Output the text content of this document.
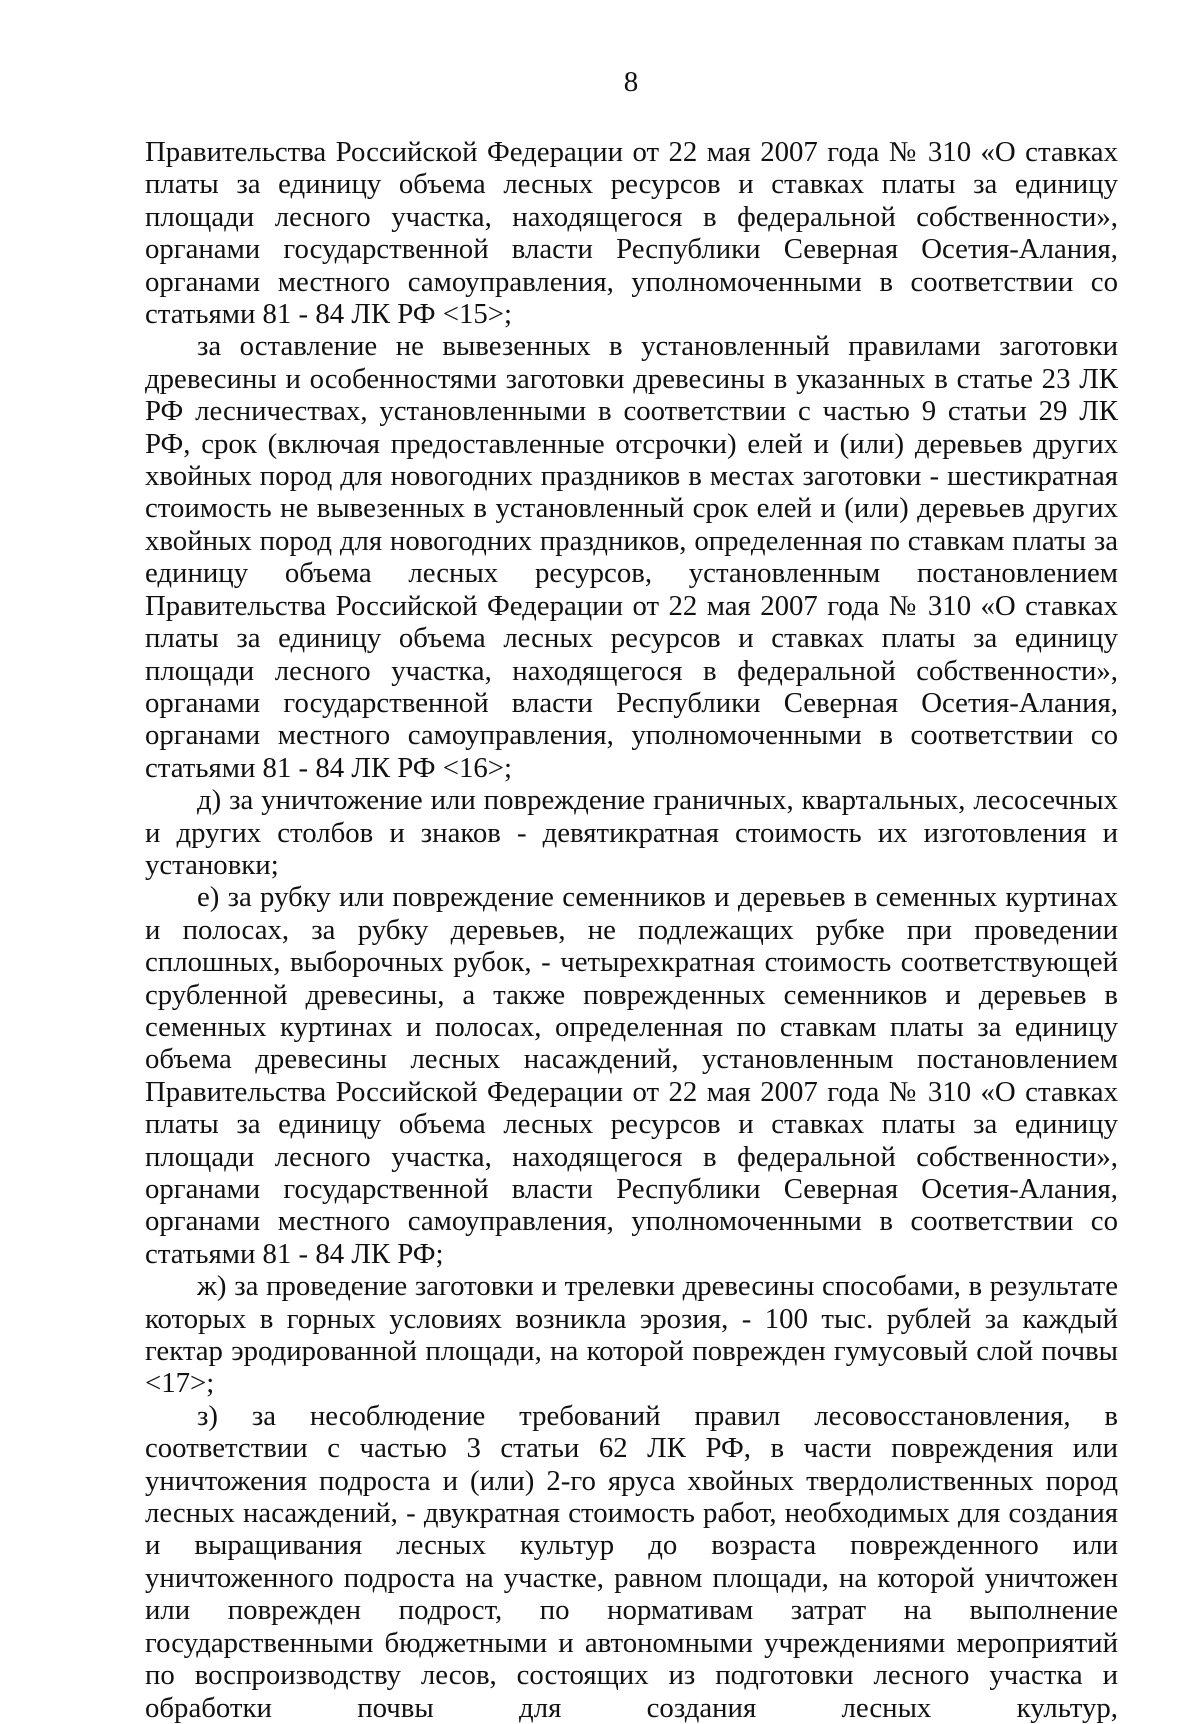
8

Правительства Российской Федерации от 22 мая 2007 года № 310 «О ставках платы за единицу объема лесных ресурсов и ставках платы за единицу площади лесного участка, находящегося в федеральной собственности», органами государственной власти Республики Северная Осетия-Алания, органами местного самоуправления, уполномоченными в соответствии со статьями 81 - 84 ЛК РФ <15>;

за оставление не вывезенных в установленный правилами заготовки древесины и особенностями заготовки древесины в указанных в статье 23 ЛК РФ лесничествах, установленными в соответствии с частью 9 статьи 29 ЛК РФ, срок (включая предоставленные отсрочки) елей и (или) деревьев других хвойных пород для новогодних праздников в местах заготовки - шестикратная стоимость не вывезенных в установленный срок елей и (или) деревьев других хвойных пород для новогодних праздников, определенная по ставкам платы за единицу объема лесных ресурсов, установленным постановлением Правительства Российской Федерации от 22 мая 2007 года № 310 «О ставках платы за единицу объема лесных ресурсов и ставках платы за единицу площади лесного участка, находящегося в федеральной собственности», органами государственной власти Республики Северная Осетия-Алания, органами местного самоуправления, уполномоченными в соответствии со статьями 81 - 84 ЛК РФ <16>;

д) за уничтожение или повреждение граничных, квартальных, лесосечных и других столбов и знаков - девятикратная стоимость их изготовления и установки;

е) за рубку или повреждение семенников и деревьев в семенных куртинах и полосах, за рубку деревьев, не подлежащих рубке при проведении сплошных, выборочных рубок, - четырехкратная стоимость соответствующей срубленной древесины, а также поврежденных семенников и деревьев в семенных куртинах и полосах, определенная по ставкам платы за единицу объема древесины лесных насаждений, установленным постановлением Правительства Российской Федерации от 22 мая 2007 года № 310 «О ставках платы за единицу объема лесных ресурсов и ставках платы за единицу площади лесного участка, находящегося в федеральной собственности», органами государственной власти Республики Северная Осетия-Алания, органами местного самоуправления, уполномоченными в соответствии со статьями 81 - 84 ЛК РФ;

ж) за проведение заготовки и трелевки древесины способами, в результате которых в горных условиях возникла эрозия, - 100 тыс. рублей за каждый гектар эродированной площади, на которой поврежден гумусовый слой почвы <17>;

з) за несоблюдение требований правил лесовосстановления, в соответствии с частью 3 статьи 62 ЛК РФ, в части повреждения или уничтожения подроста и (или) 2-го яруса хвойных твердолиственных пород лесных насаждений, - двукратная стоимость работ, необходимых для создания и выращивания лесных культур до возраста поврежденного или уничтоженного подроста на участке, равном площади, на которой уничтожен или поврежден подрост, по нормативам затрат на выполнение государственными бюджетными и автономными учреждениями мероприятий по воспроизводству лесов, состоящих из подготовки лесного участка и обработки почвы для создания лесных культур,
